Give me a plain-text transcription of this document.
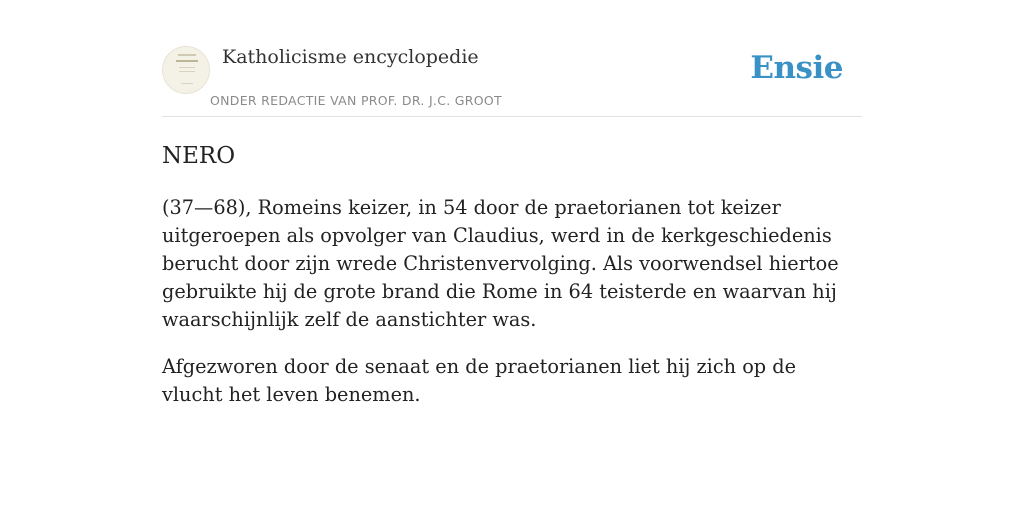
Katholicisme encyclopedie
ONDER REDACTIE VAN PROF. DR. J.C. GROOT
Ensie
NERO

(37—68), Romeins keizer, in 54 door de praetorianen tot keizer uitgeroepen als opvolger van Claudius, werd in de kerkgeschiedenis berucht door zijn wrede Christenvervolging. Als voorwendsel hiertoe gebruikte hij de grote brand die Rome in 64 teisterde en waarvan hij waarschijnlijk zelf de aanstichter was.

Afgezworen door de senaat en de praetorianen liet hij zich op de vlucht het leven benemen.
